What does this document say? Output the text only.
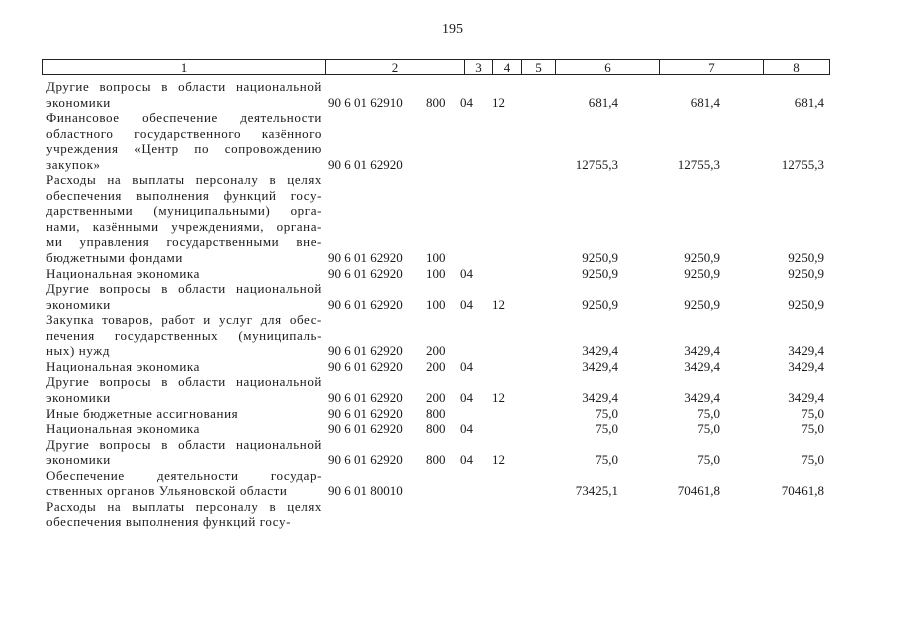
195
1	2	3	4	5	6	7	8
Другие вопросы в области национальной
экономики	90 6 01 62910 800 04 12	681,4	681,4	681,4
Финансовое обеспечение деятельности
областного государственного казённого
учреждения «Центр по сопровождению
закупок»	90 6 01 62920	12755,3	12755,3	12755,3
Расходы на выплаты персоналу в целях
обеспечения выполнения функций госу-
дарственными (муниципальными) орга-
нами, казёнными учреждениями, органа-
ми управления государственными вне-
бюджетными фондами	90 6 01 62920 100	9250,9	9250,9	9250,9
Национальная экономика	90 6 01 62920 100 04	9250,9	9250,9	9250,9
Другие вопросы в области национальной
экономики	90 6 01 62920 100 04 12	9250,9	9250,9	9250,9
Закупка товаров, работ и услуг для обес-
печения государственных (муниципаль-
ных) нужд	90 6 01 62920 200	3429,4	3429,4	3429,4
Национальная экономика	90 6 01 62920 200 04	3429,4	3429,4	3429,4
Другие вопросы в области национальной
экономики	90 6 01 62920 200 04 12	3429,4	3429,4	3429,4
Иные бюджетные ассигнования	90 6 01 62920 800	75,0	75,0	75,0
Национальная экономика	90 6 01 62920 800 04	75,0	75,0	75,0
Другие вопросы в области национальной
экономики	90 6 01 62920 800 04 12	75,0	75,0	75,0
Обеспечение деятельности государ-
ственных органов Ульяновской области	90 6 01 80010	73425,1	70461,8	70461,8
Расходы на выплаты персоналу в целях
обеспечения выполнения функций госу-
